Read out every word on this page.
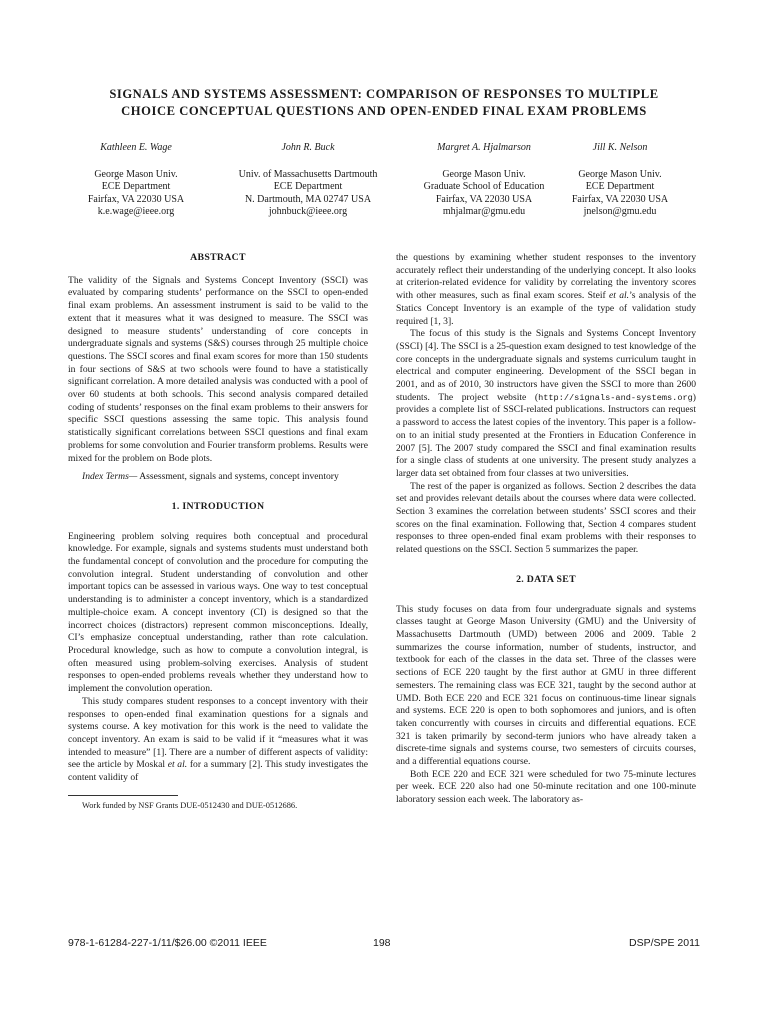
SIGNALS AND SYSTEMS ASSESSMENT: COMPARISON OF RESPONSES TO MULTIPLE
CHOICE CONCEPTUAL QUESTIONS AND OPEN-ENDED FINAL EXAM PROBLEMS
Kathleen E. Wage
George Mason Univ.
ECE Department
Fairfax, VA 22030 USA
k.e.wage@ieee.org
John R. Buck
Univ. of Massachusetts Dartmouth
ECE Department
N. Dartmouth, MA 02747 USA
johnbuck@ieee.org
Margret A. Hjalmarson
George Mason Univ.
Graduate School of Education
Fairfax, VA 22030 USA
mhjalmar@gmu.edu
Jill K. Nelson
George Mason Univ.
ECE Department
Fairfax, VA 22030 USA
jnelson@gmu.edu
ABSTRACT

The validity of the Signals and Systems Concept Inventory (SSCI) was evaluated by comparing students’ performance on the SSCI to open-ended final exam problems. An assessment instrument is said to be valid to the extent that it measures what it was designed to measure. The SSCI was designed to measure students’ understanding of core concepts in undergraduate signals and systems (S&S) courses through 25 multiple choice questions. The SSCI scores and final exam scores for more than 150 students in four sections of S&S at two schools were found to have a statistically significant correlation. A more detailed analysis was conducted with a pool of over 60 students at both schools. This second analysis compared detailed coding of students’ responses on the final exam problems to their answers for specific SSCI questions assessing the same topic. This analysis found statistically significant correlations between SSCI questions and final exam problems for some convolution and Fourier transform problems. Results were mixed for the problem on Bode plots.

Index Terms— Assessment, signals and systems, concept inventory

1. INTRODUCTION

Engineering problem solving requires both conceptual and procedural knowledge. For example, signals and systems students must understand both the fundamental concept of convolution and the procedure for computing the convolution integral. Student understanding of convolution and other important topics can be assessed in various ways. One way to test conceptual understanding is to administer a concept inventory, which is a standardized multiple-choice exam. A concept inventory (CI) is designed so that the incorrect choices (distractors) represent common misconceptions. Ideally, CI’s emphasize conceptual understanding, rather than rote calculation. Procedural knowledge, such as how to compute a convolution integral, is often measured using problem-solving exercises. Analysis of student responses to open-ended problems reveals whether they understand how to implement the convolution operation.

This study compares student responses to a concept inventory with their responses to open-ended final examination questions for a signals and systems course. A key motivation for this work is the need to validate the concept inventory. An exam is said to be valid if it “measures what it was intended to measure” [1]. There are a number of different aspects of validity: see the article by Moskal et al. for a summary [2]. This study investigates the content validity of

Work funded by NSF Grants DUE-0512430 and DUE-0512686.

the questions by examining whether student responses to the inventory accurately reflect their understanding of the underlying concept. It also looks at criterion-related evidence for validity by correlating the inventory scores with other measures, such as final exam scores. Steif et al.’s analysis of the Statics Concept Inventory is an example of the type of validation study required [1, 3].

The focus of this study is the Signals and Systems Concept Inventory (SSCI) [4]. The SSCI is a 25-question exam designed to test knowledge of the core concepts in the undergraduate signals and systems curriculum taught in electrical and computer engineering. Development of the SSCI began in 2001, and as of 2010, 30 instructors have given the SSCI to more than 2600 students. The project website (http://signals-and-systems.org) provides a complete list of SSCI-related publications. Instructors can request a password to access the latest copies of the inventory. This paper is a follow-on to an initial study presented at the Frontiers in Education Conference in 2007 [5]. The 2007 study compared the SSCI and final examination results for a single class of students at one university. The present study analyzes a larger data set obtained from four classes at two universities.

The rest of the paper is organized as follows. Section 2 describes the data set and provides relevant details about the courses where data were collected. Section 3 examines the correlation between students’ SSCI scores and their scores on the final examination. Following that, Section 4 compares student responses to three open-ended final exam problems with their responses to related questions on the SSCI. Section 5 summarizes the paper.

2. DATA SET

This study focuses on data from four undergraduate signals and systems classes taught at George Mason University (GMU) and the University of Massachusetts Dartmouth (UMD) between 2006 and 2009. Table 2 summarizes the course information, number of students, instructor, and textbook for each of the classes in the data set. Three of the classes were sections of ECE 220 taught by the first author at GMU in three different semesters. The remaining class was ECE 321, taught by the second author at UMD. Both ECE 220 and ECE 321 focus on continuous-time linear signals and systems. ECE 220 is open to both sophomores and juniors, and is often taken concurrently with courses in circuits and differential equations. ECE 321 is taken primarily by second-term juniors who have already taken a discrete-time signals and systems course, two semesters of circuits courses, and a differential equations course.

Both ECE 220 and ECE 321 were scheduled for two 75-minute lectures per week. ECE 220 also had one 50-minute recitation and one 100-minute laboratory session each week. The laboratory as-

978-1-61284-227-1/11/$26.00 ©2011 IEEE	198	DSP/SPE 2011
